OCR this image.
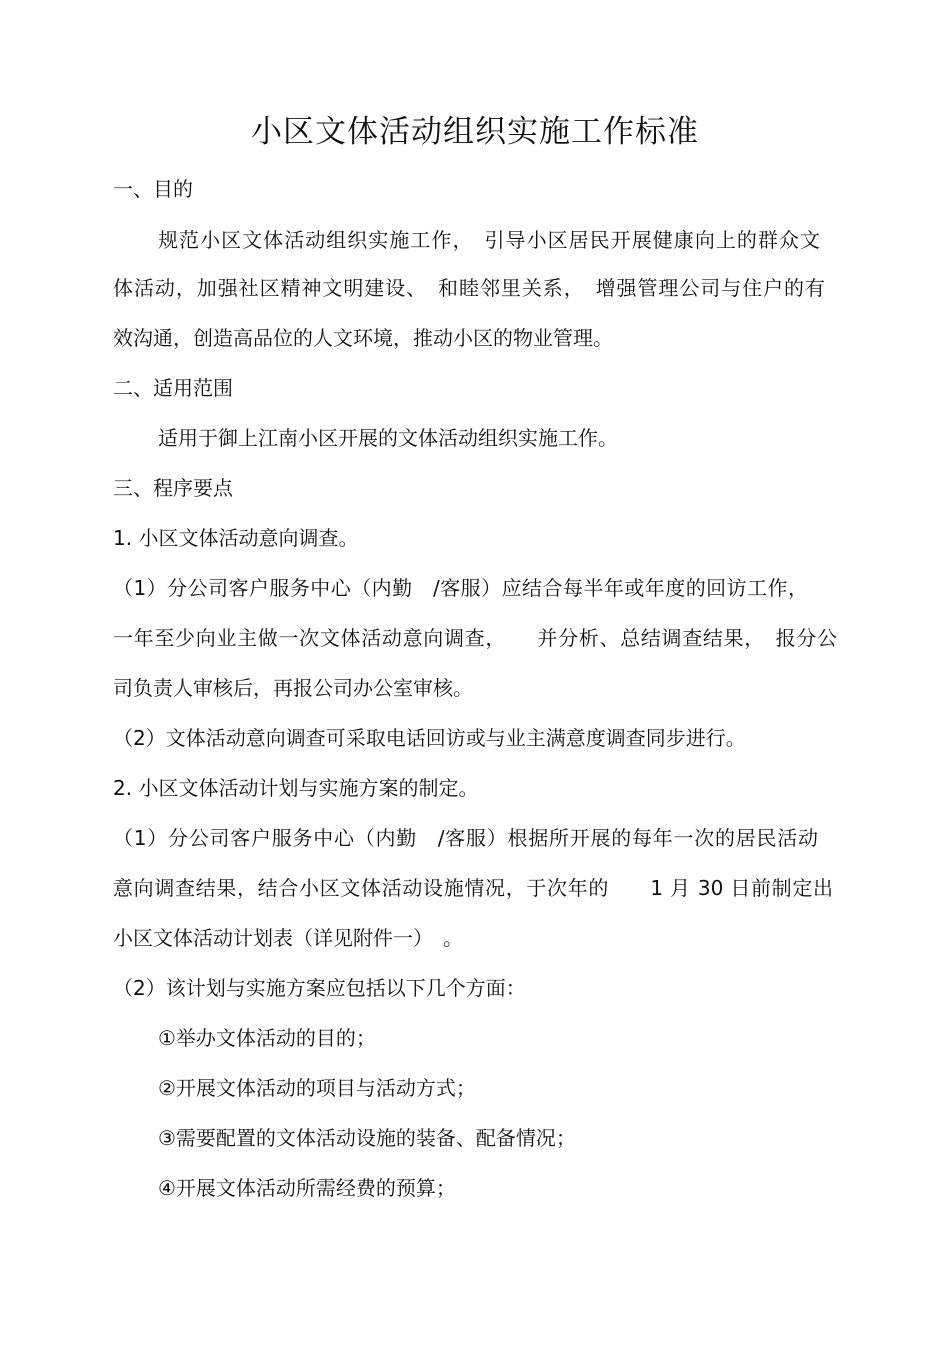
小区文体活动组织实施工作标准
一、目的
规范小区文体活动组织实施工作，　引导小区居民开展健康向上的群众文
体活动，加强社区精神文明建设、　和睦邻里关系，　增强管理公司与住户的有
效沟通，创造高品位的人文环境，推动小区的物业管理。
二、适用范围
适用于御上江南小区开展的文体活动组织实施工作。
三、程序要点
1. 小区文体活动意向调查。
（1）分公司客户服务中心（内勤　/客服）应结合每半年或年度的回访工作，
一年至少向业主做一次文体活动意向调查，　　并分析、总结调查结果，　报分公
司负责人审核后，再报公司办公室审核。
（2）文体活动意向调查可采取电话回访或与业主满意度调查同步进行。
2. 小区文体活动计划与实施方案的制定。
（1）分公司客户服务中心（内勤　/客服）根据所开展的每年一次的居民活动
意向调查结果，结合小区文体活动设施情况，于次年的　　1 月 30 日前制定出
小区文体活动计划表（详见附件一）　。
（2）该计划与实施方案应包括以下几个方面：
①举办文体活动的目的；
②开展文体活动的项目与活动方式；
③需要配置的文体活动设施的装备、配备情况；
④开展文体活动所需经费的预算；
